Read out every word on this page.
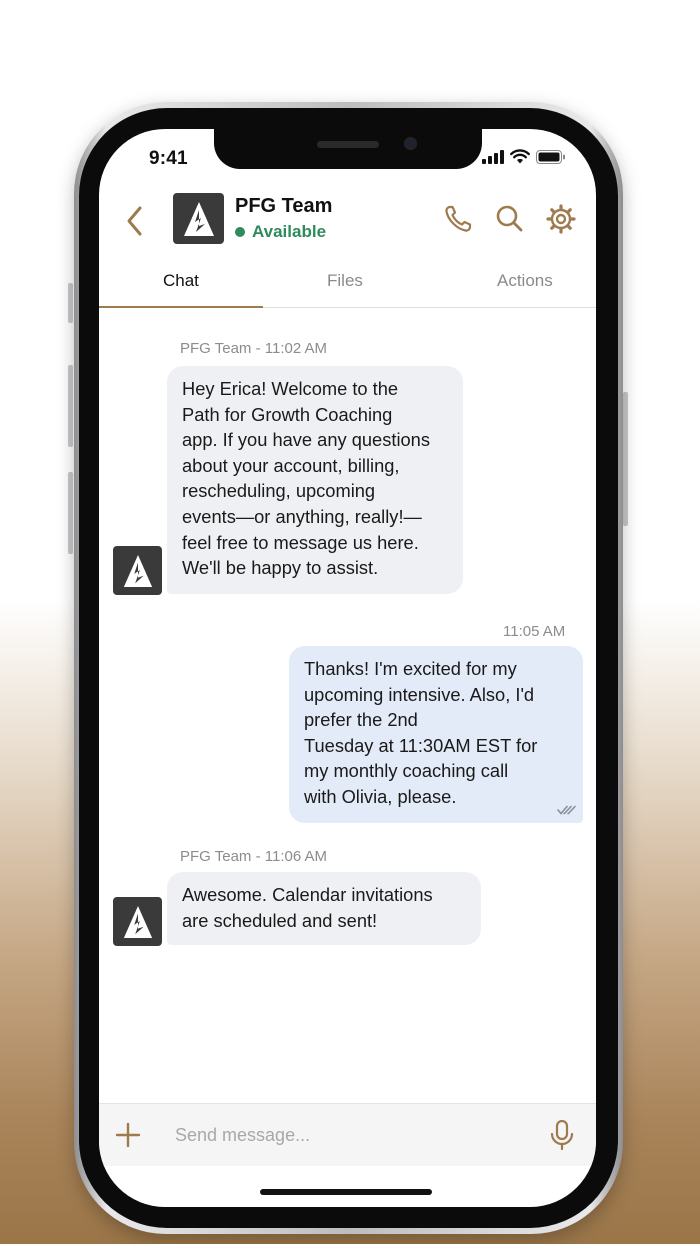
9:41
PFG Team
Available
Chat	Files	Actions
PFG Team - 11:02 AM
Hey Erica! Welcome to the
Path for Growth Coaching
app. If you have any questions
about your account, billing,
rescheduling, upcoming
events—or anything, really!—
feel free to message us here.
We'll be happy to assist.
11:05 AM
Thanks! I'm excited for my
upcoming intensive. Also, I'd
prefer the 2nd
Tuesday at 11:30AM EST for
my monthly coaching call
with Olivia, please.
PFG Team - 11:06 AM
Awesome. Calendar invitations
are scheduled and sent!
Send message...
